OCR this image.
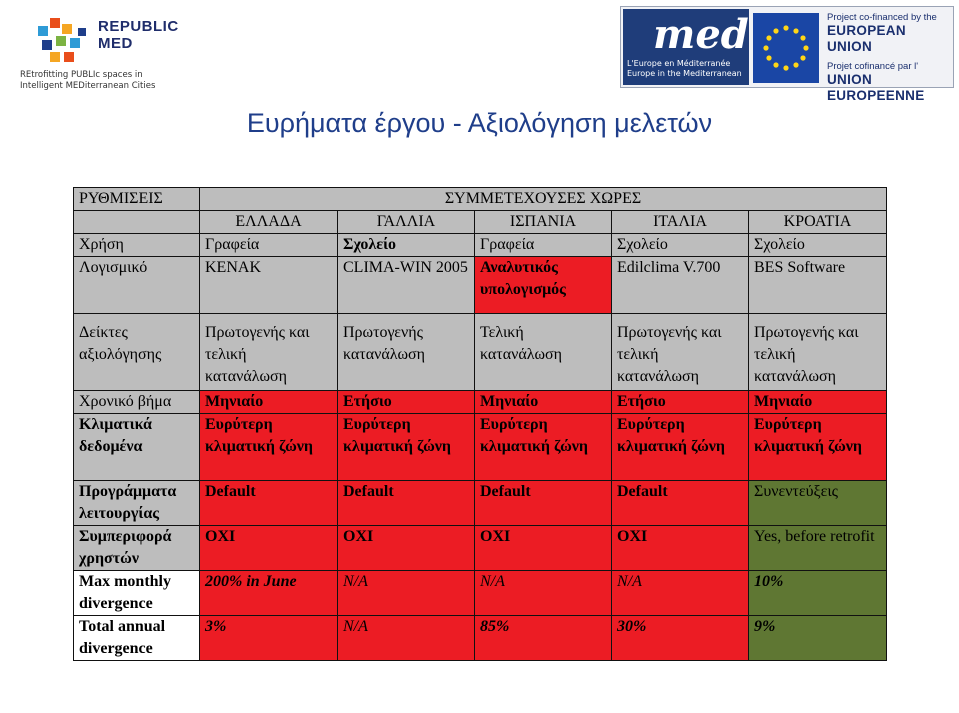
REPUBLIC
MED
REtrofitting PUBLIc spaces in
Intelligent MEDiterranean Cities
med
L'Europe en Méditerranée
Europe in the Mediterranean
Project co-financed by the
EUROPEAN UNION
Projet cofinancé par l'
UNION EUROPEENNE
Ευρήματα έργου - Αξιολόγηση μελετών
ΡΥΘΜΙΣΕΙΣ	ΣΥΜΜΕΤΕΧΟΥΣΕΣ ΧΩΡΕΣ				
	ΕΛΛΑΔΑ	ΓΑΛΛΙΑ	ΙΣΠΑΝΙΑ	ΙΤΑΛΙΑ	ΚΡΟΑΤΙΑ
Χρήση	Γραφεία	Σχολείο	Γραφεία	Σχολείο	Σχολείο
Λογισμικό	KENAK	CLIMA-WIN 2005	Αναλυτικός υπολογισμός	Edilclima V.700	BES Software
Δείκτες αξιολόγησης	Πρωτογενής και τελική κατανάλωση	Πρωτογενής κατανάλωση	Τελική κατανάλωση	Πρωτογενής και τελική κατανάλωση	Πρωτογενής και τελική κατανάλωση
Χρονικό βήμα	Μηνιαίο	Ετήσιο	Μηνιαίο	Ετήσιο	Μηνιαίο
Κλιματικά δεδομένα	Ευρύτερη κλιματική ζώνη	Ευρύτερη κλιματική ζώνη	Ευρύτερη κλιματική ζώνη	Ευρύτερη κλιματική ζώνη	Ευρύτερη κλιματική ζώνη
Προγράμματα λειτουργίας	Default	Default	Default	Default	Συνεντεύξεις
Συμπεριφορά χρηστών	ΟΧΙ	ΟΧΙ	ΟΧΙ	ΟΧΙ	Yes, before retrofit
Max monthly divergence	200% in June	N/A	N/A	N/A	10%
Total annual divergence	3%	N/A	85%	30%	9%
